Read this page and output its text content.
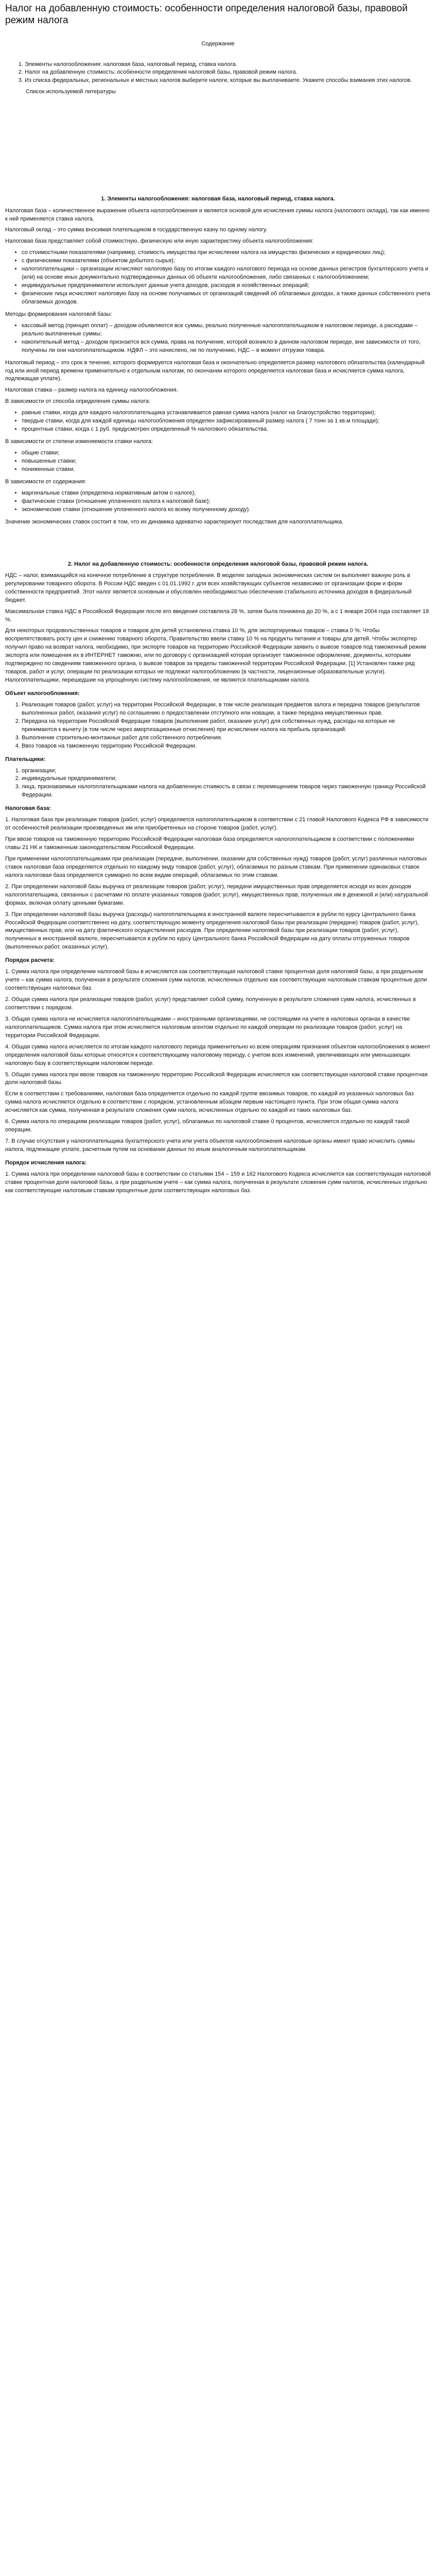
Налог на добавленную стоимость: особенности определения налоговой базы, правовой режим налога

Содержание

1. Элементы налогообложения: налоговая база, налоговый период, ставка налога.
2. Налог на добавленную стоимость: особенности определения налоговой базы, правовой режим налога.
3. Из списка федеральных, региональных и местных налогов выберите налоги, которые вы выплачиваете. Укажите способы взимания этих налогов.

Список используемой литературы

1. Элементы налогообложения: налоговая база, налоговый период, ставка налога.

Налоговая база – количественное выражение объекта налогообложения и является основой для исчисления суммы налога (налогового оклада), так как именно к ней применяется ставка налога.

Налоговый оклад – это сумма вносимая плательщиком в государственную казну по одному налогу.

Налоговая база представляет собой стоимостную, физическую или иную характеристику объекта налогообложения:

• со стоимостными показателями (например, стоимость имущества при исчислении налога на имущество физических и юридических лиц);
• с физическими показателями (объектом добытого сырья);
• налогоплательщики – организации исчисляют налоговую базу по итогам каждого налогового периода на основе данных регистров бухгалтерского учета и (или) на основе иных документально подтвержденных данных об объекте налогообложения, либо связанных с налогообложением;
• индивидуальные предприниматели используют данные учета доходов, расходов и хозяйственных операций;
• физические лица исчисляют налоговую базу на основе получаемых от организаций сведений об облагаемых доходах, а также данных собственного учета облагаемых доходов.

Методы формирования налоговой базы:

• кассовый метод (принцип оплат) – доходом объявляются все суммы, реально полученные налогоплательщиком в налоговом периоде, а расходами – реально выплаченные суммы;
• накопительный метод – доходом признается вся сумма, права на получение, которой возникло в данном налоговом периоде, вне зависимости от того, получены ли они налогоплательщиком. НДФЛ – это начислено, не по получению, НДС – в момент отгрузки товара.

Налоговый период – это срок в течение, которого формируется налоговая база и окончательно определяется размер налогового обязательства (календарный год или иной период времени применительно к отдельным налогам, по окончании которого определяется налоговая база и исчисляется сумма налога, подлежащая уплате).

Налоговая ставка – размер налога на единицу налогообложения.

В зависимости от способа определения суммы налога:

• равные ставки, когда для каждого налогоплательщика устанавливается равная сумма налога (налог на благоустройство территории);
• твердые ставки, когда для каждой единицы налогообложения определен зафиксированный размер налога ( 7 тонн за 1 кв.м площади);
• процентные ставки, когда с 1 руб. предусмотрен определенный % налогового обязательства.

В зависимости от степени изменяемости ставки налога:

• общие ставки;
• повышенные ставки;
• пониженные ставки.

В зависимости от содержания:

• маргинальные ставки (определена нормативным актом о налоге);
• фактические ставки (отношение уплаченного налога к налоговой базе);
• экономические ставки (отношение уплаченного налога ко всему полученному доходу).

Значение экономических ставок состоит в том, что их динамика адекватно характеризует последствия для налогоплательщика.

2. Налог на добавленную стоимость: особенности определения налоговой базы, правовой режим налога.

НДС – налог, взимающийся на конечное потребление в структуре потребления. В моделях западных экономических систем он выполняет важную роль в регулировании товарного оборота. В России НДС введен с 01.01.1992 г. для всех хозяйствующих субъектов независимо от организации форм и форм собственности предприятий. Этот налог является основным и обусловлен необходимостью обеспечения стабильного источника доходов в федеральный бюджет.

Максимальная ставка НДС в Российской Федерации после его введения составляла 28 %, затем была понижена до 20 %, а с 1 января 2004 года составляет 18 %.

Для некоторых продовольственных товаров и товаров для детей установлена ставка 10 %, для экспортируемых товаров – ставка 0 %. Чтобы воспрепятствовать росту цен и снижению товарного оборота, Правительство ввели ставку 10 % на продукты питания и товары для детей. Чтобы экспортер получил право на возврат налога, необходимо, при экспорте товаров на территорию Российской Федерации заявить о вывозе товаров под таможенный режим экспорта или помещения их в ИНТЕРНЕТ таможню, или по договору с организацией которая организует таможенное оформление, документы, которыми подтверждено по сведениям таможенного органа, о вывозе товаров за пределы таможенной территории Российской Федерации. [1] Установлен также ряд товаров, работ и услуг, операции по реализации которых не подлежат налогообложению (в частности, лицензионные образовательные услуги). Налогоплательщики, перешедшие на упрощённую систему налогообложения, не являются плательщиками налога.

Объект налогообложения:
1. Реализация товаров (работ, услуг) на территории Российской Федерации, в том числе реализация предметов залога и передача товаров (результатов выполненных работ, оказания услуг) по соглашению о предоставлении отступного или новации, а также передача имущественных прав.
2. Передача на территории Российской Федерации товаров (выполнение работ, оказание услуг) для собственных нужд, расходы на которые не принимаются к вычету (в том числе через амортизационные отчисления) при исчислении налога на прибыль организаций.
3. Выполнение строительно-монтажных работ для собственного потребления.
4. Ввоз товаров на таможенную территорию Российской Федерации.
Плательщики:
1. организации;
2. индивидуальные предприниматели;
3. лица, признаваемые налогоплательщиками налога на добавленную стоимость в связи с перемещением товаров через таможенную границу Российской Федерации.
Налоговая база:

1. Налоговая база при реализации товаров (работ, услуг) определяется налогоплательщиком в соответствии с 21 главой Налогового Кодекса РФ в зависимости от особенностей реализации произведенных им или приобретенных на стороне товаров (работ, услуг).

При ввозе товаров на таможенную территорию Российской Федерации налоговая база определяется налогоплательщиком в соответствии с положениями главы 21 НК и таможенным законодательством Российской Федерации.

При применении налогоплательщиками при реализации (передаче, выполнении, оказании для собственных нужд) товаров (работ, услуг) различных налоговых ставок налоговая база определяется отдельно по каждому виду товаров (работ, услуг), облагаемых по разным ставкам. При применении одинаковых ставок налога налоговая база определяется суммарно по всем видам операций, облагаемых по этим ставкам.

2. При определении налоговой базы выручка от реализации товаров (работ, услуг), передачи имущественных прав определяется исходя из всех доходов налогоплательщика, связанных с расчетами по оплате указанных товаров (работ, услуг), имущественных прав, полученных им в денежной и (или) натуральной формах, включая оплату ценными бумагами.

3. При определении налоговой базы выручка (расходы) налогоплательщика в иностранной валюте пересчитываются в рубли по курсу Центрального банка Российской Федерации соответственно на дату, соответствующую моменту определения налоговой базы при реализации (передаче) товаров (работ, услуг), имущественных прав, или на дату фактического осуществления расходов. При определении налоговой базы при реализации товаров (работ, услуг), полученных в иностранной валюте, пересчитывается в рубли по курсу Центрального банка Российской Федерации на дату оплаты отгруженных товаров (выполненных работ, оказанных услуг).

Порядок расчета:

1. Сумма налога при определении налоговой базы в исчисляется как соответствующая налоговой ставке процентная доля налоговой базы, а при раздельном учете – как сумма налога, полученная в результате сложения сумм налогов, исчисленных отдельно как соответствующие налоговым ставкам процентные доли соответствующих налоговых баз.

2. Общая сумма налога при реализации товаров (работ, услуг) представляет собой сумму, полученную в результате сложения сумм налога, исчисленных в соответствии с порядком.

3. Общая сумма налога не исчисляется налогоплательщиками – иностранными организациями, не состоящими на учете в налоговых органах в качестве налогоплательщиков. Сумма налога при этом исчисляется налоговым агентом отдельно по каждой операции по реализации товаров (работ, услуг) на территории Российской Федерации.

4. Общая сумма налога исчисляется по итогам каждого налогового периода применительно ко всем операциям признания объектом налогообложения в момент определения налоговой базы которые относятся к соответствующему налоговому периоду, с учетом всех изменений, увеличивающих или уменьшающих налоговую базу в соответствующем налоговом периоде.

5. Общая сумма налога при ввозе товаров на таможенную территорию Российской Федерации исчисляется как соответствующая налоговой ставке процентная доля налоговой базы.

Если в соответствии с требованиями, налоговая база определяется отдельно по каждой группе ввозимых товаров, по каждой из указанных налоговых баз сумма налога исчисляется отдельно в соответствии с порядком, установленным абзацем первым настоящего пункта. При этом общая сумма налога исчисляется как сумма, полученная в результате сложения сумм налога, исчисленных отдельно по каждой из таких налоговых баз.

6. Сумма налога по операциям реализации товаров (работ, услуг), облагаемых по налоговой ставке 0 процентов, исчисляется отдельно по каждой такой операции.

7. В случае отсутствия у налогоплательщика бухгалтерского учета или учета объектов налогообложения налоговые органы имеют право исчислить суммы налога, подлежащие уплате, расчетным путем на основании данных по иным аналогичным налогоплательщикам.

Порядок исчисления налога:

1. Сумма налога при определении налоговой базы в соответствии со статьями 154 – 159 и 162 Налогового Кодекса исчисляется как соответствующая налоговой ставке процентная доля налоговой базы, а при раздельном учете – как сумма налога, полученная в результате сложения сумм налогов, исчисленных отдельно как соответствующие налоговым ставкам процентные доли соответствующих налоговых баз.
